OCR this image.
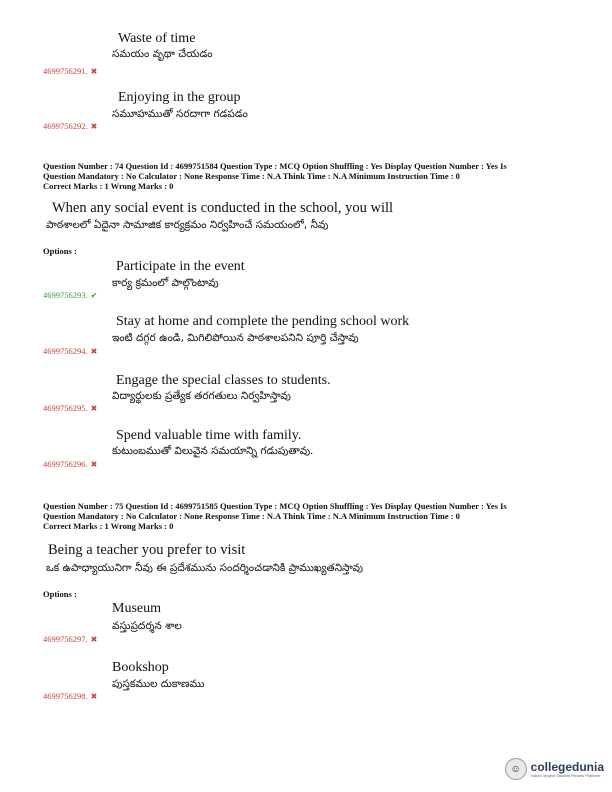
Waste of time
సమయం వృథా చేయడం
4699756291. ✖
Enjoying in the group
సమూహముతో సరదాగా గడపడం
4699756292. ✖
Question Number : 74 Question Id : 4699751584 Question Type : MCQ Option Shuffling : Yes Display Question Number : Yes Is
Question Mandatory : No Calculator : None Response Time : N.A Think Time : N.A Minimum Instruction Time : 0
Correct Marks : 1 Wrong Marks : 0
When any social event is conducted in the school, you will
పాఠశాలలో ఏదైనా సామాజిక కార్యక్రమం నిర్వహించే సమయంలో, నీవు
Options :
Participate in the event
కార్య క్రమంలో పాల్గొంటావు
4699756293. ✔
Stay at home and complete the pending school work
ఇంటి దగ్గర ఉండి, మిగిలిపోయిన పాఠశాలపనిని పూర్తి చేస్తావు
4699756294. ✖
Engage the special classes to students.
విద్యార్థులకు ప్రత్యేక తరగతులు నిర్వహిస్తావు
4699756295. ✖
Spend valuable time with family.
కుటుంబముతో విలువైన సమయాన్ని గడుపుతావు.
4699756296. ✖
Question Number : 75 Question Id : 4699751585 Question Type : MCQ Option Shuffling : Yes Display Question Number : Yes Is
Question Mandatory : No Calculator : None Response Time : N.A Think Time : N.A Minimum Instruction Time : 0
Correct Marks : 1 Wrong Marks : 0
Being a teacher you prefer to visit
ఒక ఉపాధ్యాయునిగా నీవు ఈ ప్రదేశమును సందర్శించడానికి ప్రాముఖ్యతనిస్తావు
Options :
Museum
వస్తుప్రదర్శన శాల
4699756297. ✖
Bookshop
పుస్తకముల దుకాణము
4699756298. ✖
☺ collegedunia
India's largest Student Review Platform
